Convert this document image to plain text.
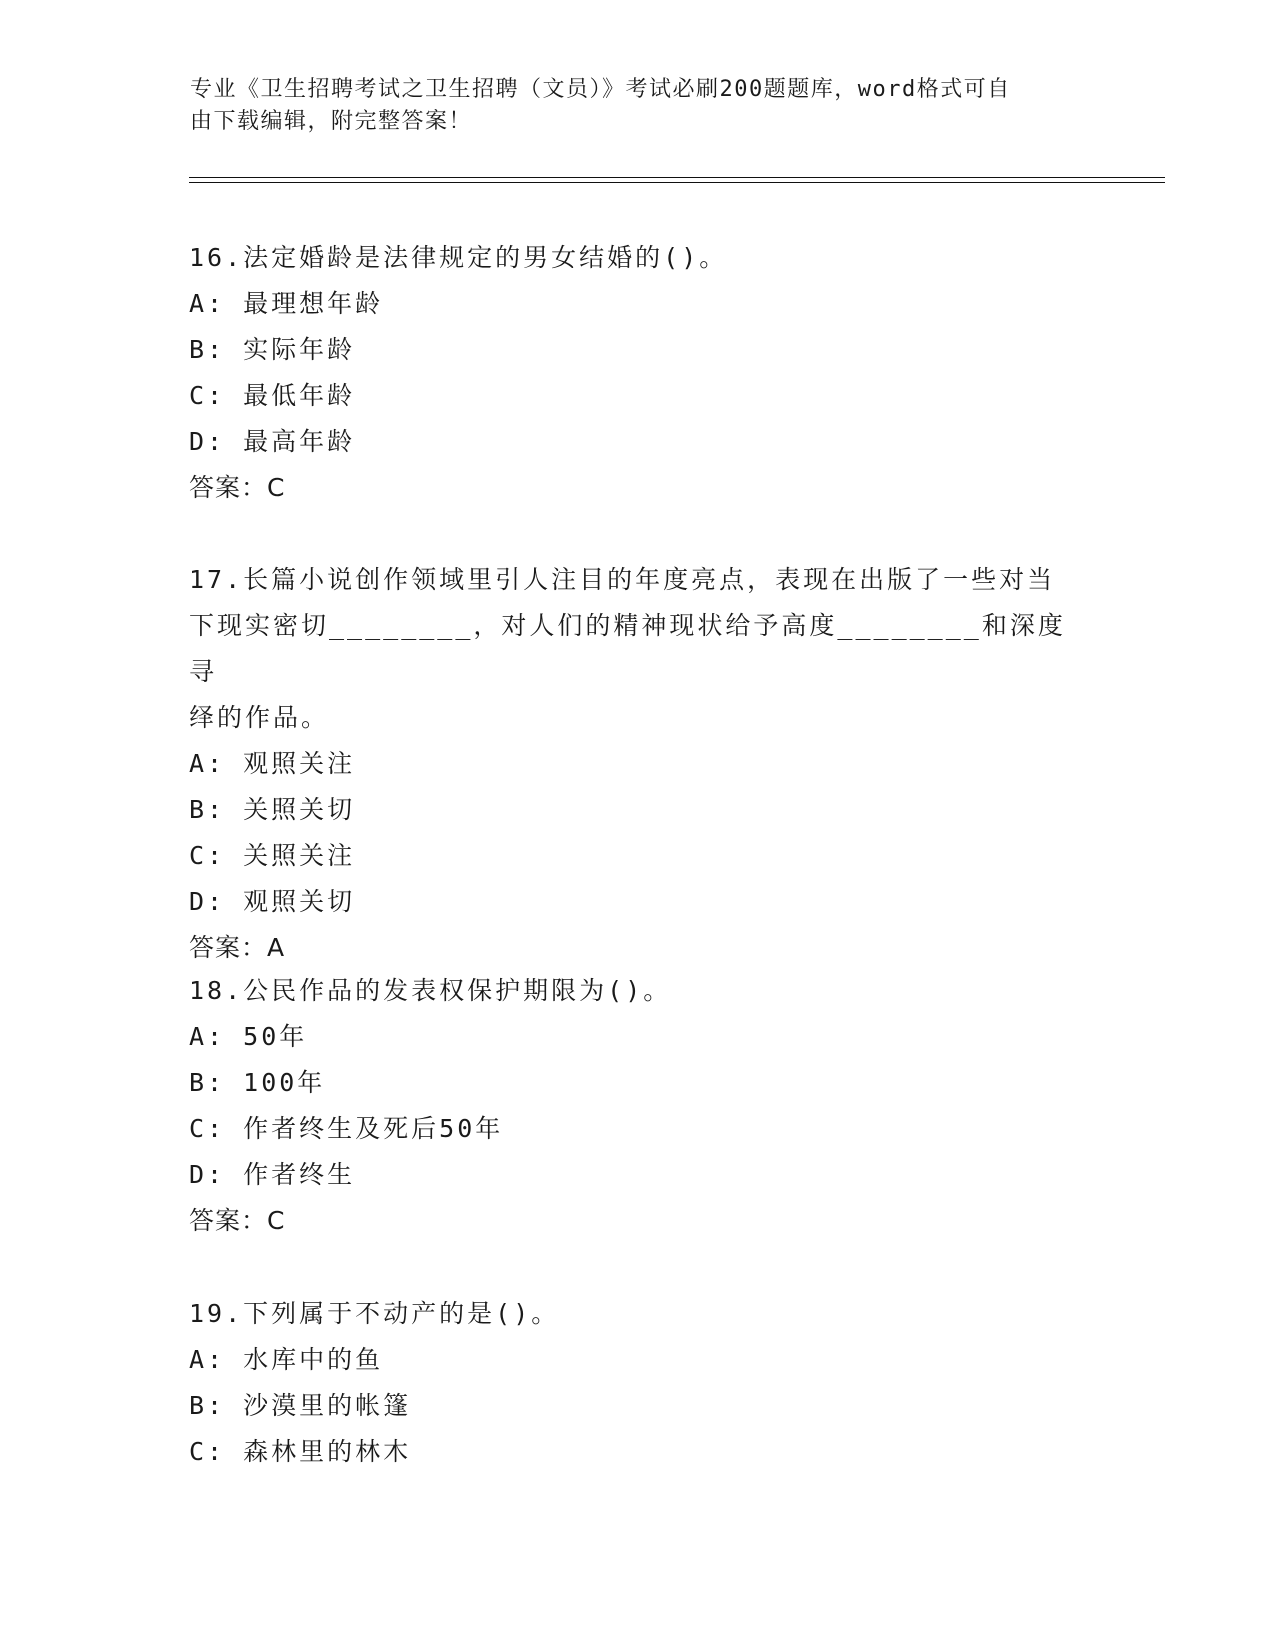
专业《卫生招聘考试之卫生招聘（文员）》考试必刷200题题库，word格式可自
由下载编辑，附完整答案！
16.法定婚龄是法律规定的男女结婚的()。
A: 最理想年龄
B: 实际年龄
C: 最低年龄
D: 最高年龄
答案：C
17.长篇小说创作领域里引人注目的年度亮点，表现在出版了一些对当
下现实密切________，对人们的精神现状给予高度________和深度寻
绎的作品。
A: 观照关注
B: 关照关切
C: 关照关注
D: 观照关切
答案：A
18.公民作品的发表权保护期限为()。
A: 50年
B: 100年
C: 作者终生及死后50年
D: 作者终生
答案：C
19.下列属于不动产的是()。
A: 水库中的鱼
B: 沙漠里的帐篷
C: 森林里的林木
